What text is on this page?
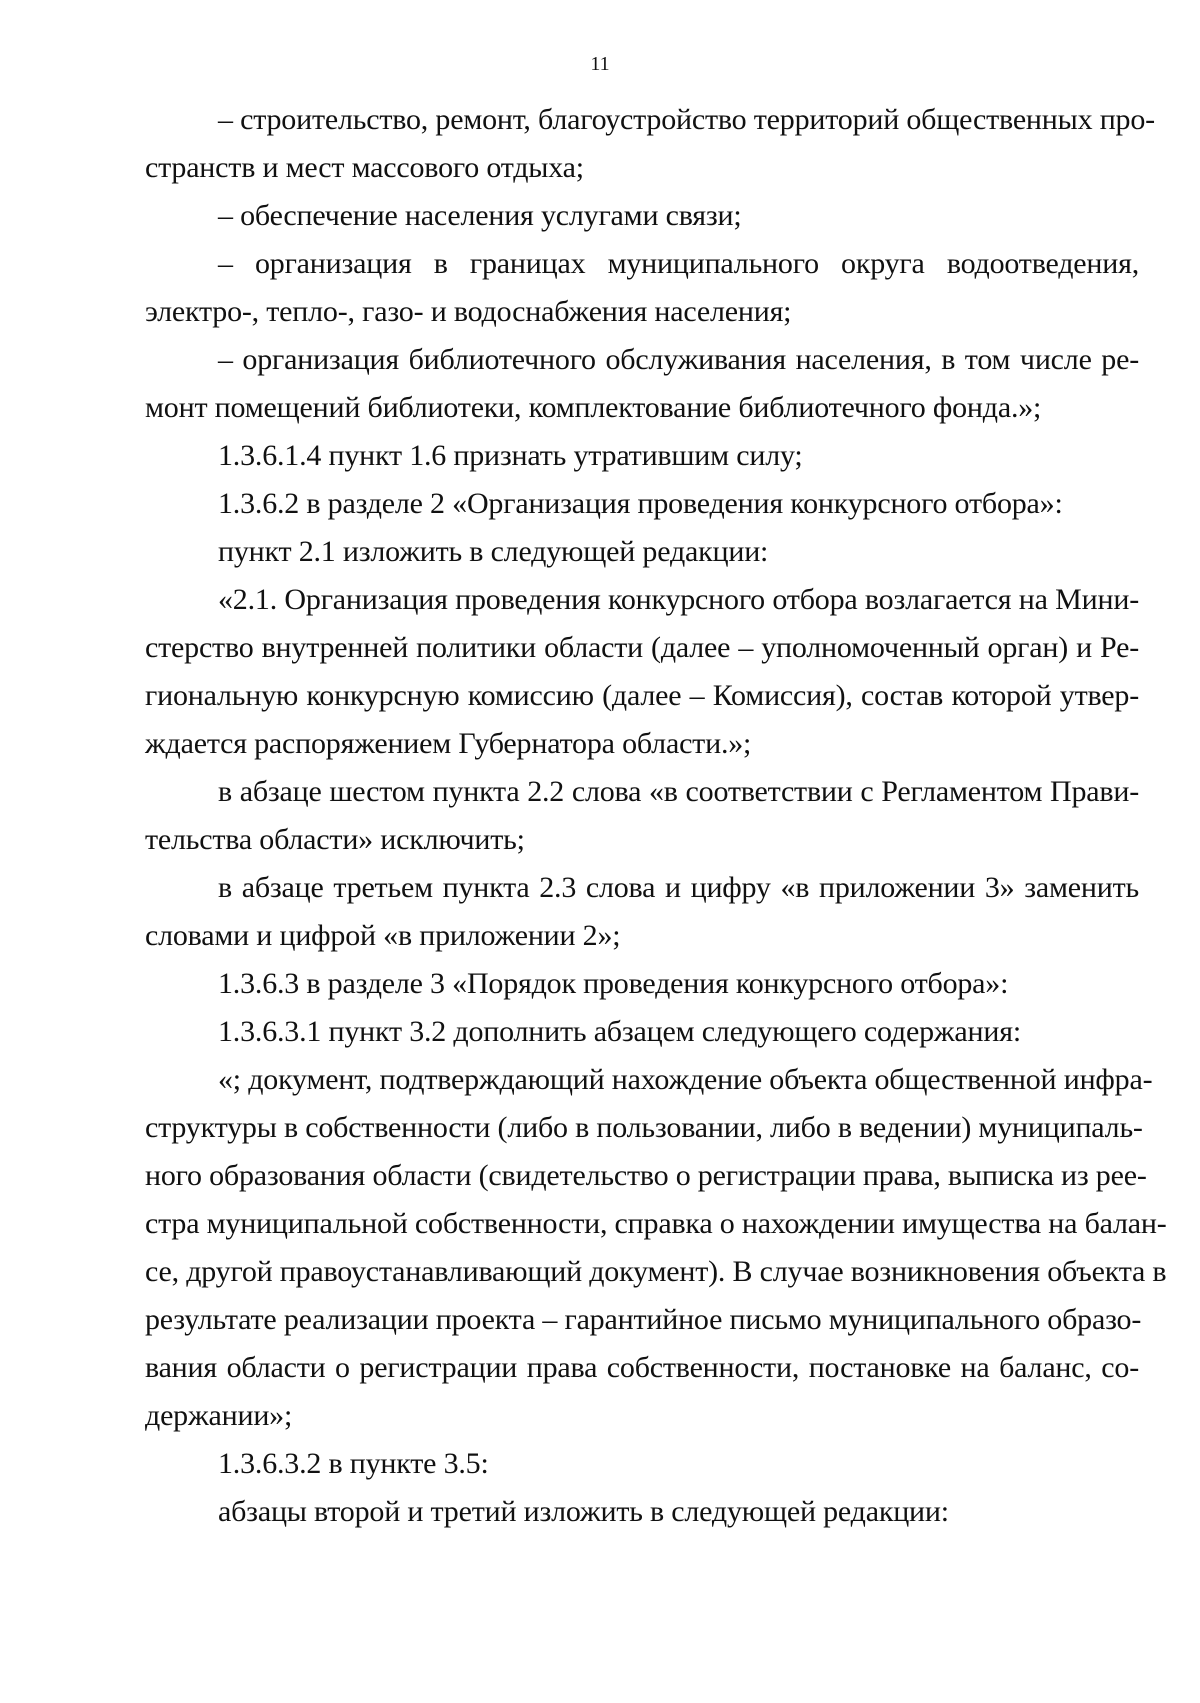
11

– строительство, ремонт, благоустройство территорий общественных про-
странств и мест массового отдыха;

– обеспечение населения услугами связи;

– организация в границах муниципального округа водоотведения,
электро-, тепло-, газо- и водоснабжения населения;

– организация библиотечного обслуживания населения, в том числе ре-
монт помещений библиотеки, комплектование библиотечного фонда.»;

1.3.6.1.4 пункт 1.6 признать утратившим силу;

1.3.6.2 в разделе 2 «Организация проведения конкурсного отбора»:

пункт 2.1 изложить в следующей редакции:

«2.1. Организация проведения конкурсного отбора возлагается на Мини-
стерство внутренней политики области (далее – уполномоченный орган) и Ре-
гиональную конкурсную комиссию (далее – Комиссия), состав которой утвер-
ждается распоряжением Губернатора области.»;

в абзаце шестом пункта 2.2 слова «в соответствии с Регламентом Прави-
тельства области» исключить;

в абзаце третьем пункта 2.3 слова и цифру «в приложении 3» заменить
словами и цифрой «в приложении 2»;

1.3.6.3 в разделе 3 «Порядок проведения конкурсного отбора»:

1.3.6.3.1 пункт 3.2 дополнить абзацем следующего содержания:

«; документ, подтверждающий нахождение объекта общественной инфра-
структуры в собственности (либо в пользовании, либо в ведении) муниципаль-
ного образования области (свидетельство о регистрации права, выписка из рее-
стра муниципальной собственности, справка о нахождении имущества на балан-
се, другой правоустанавливающий документ). В случае возникновения объекта в
результате реализации проекта – гарантийное письмо муниципального образо-
вания области о регистрации права собственности, постановке на баланс, со-
держании»;

1.3.6.3.2 в пункте 3.5:

абзацы второй и третий изложить в следующей редакции:
